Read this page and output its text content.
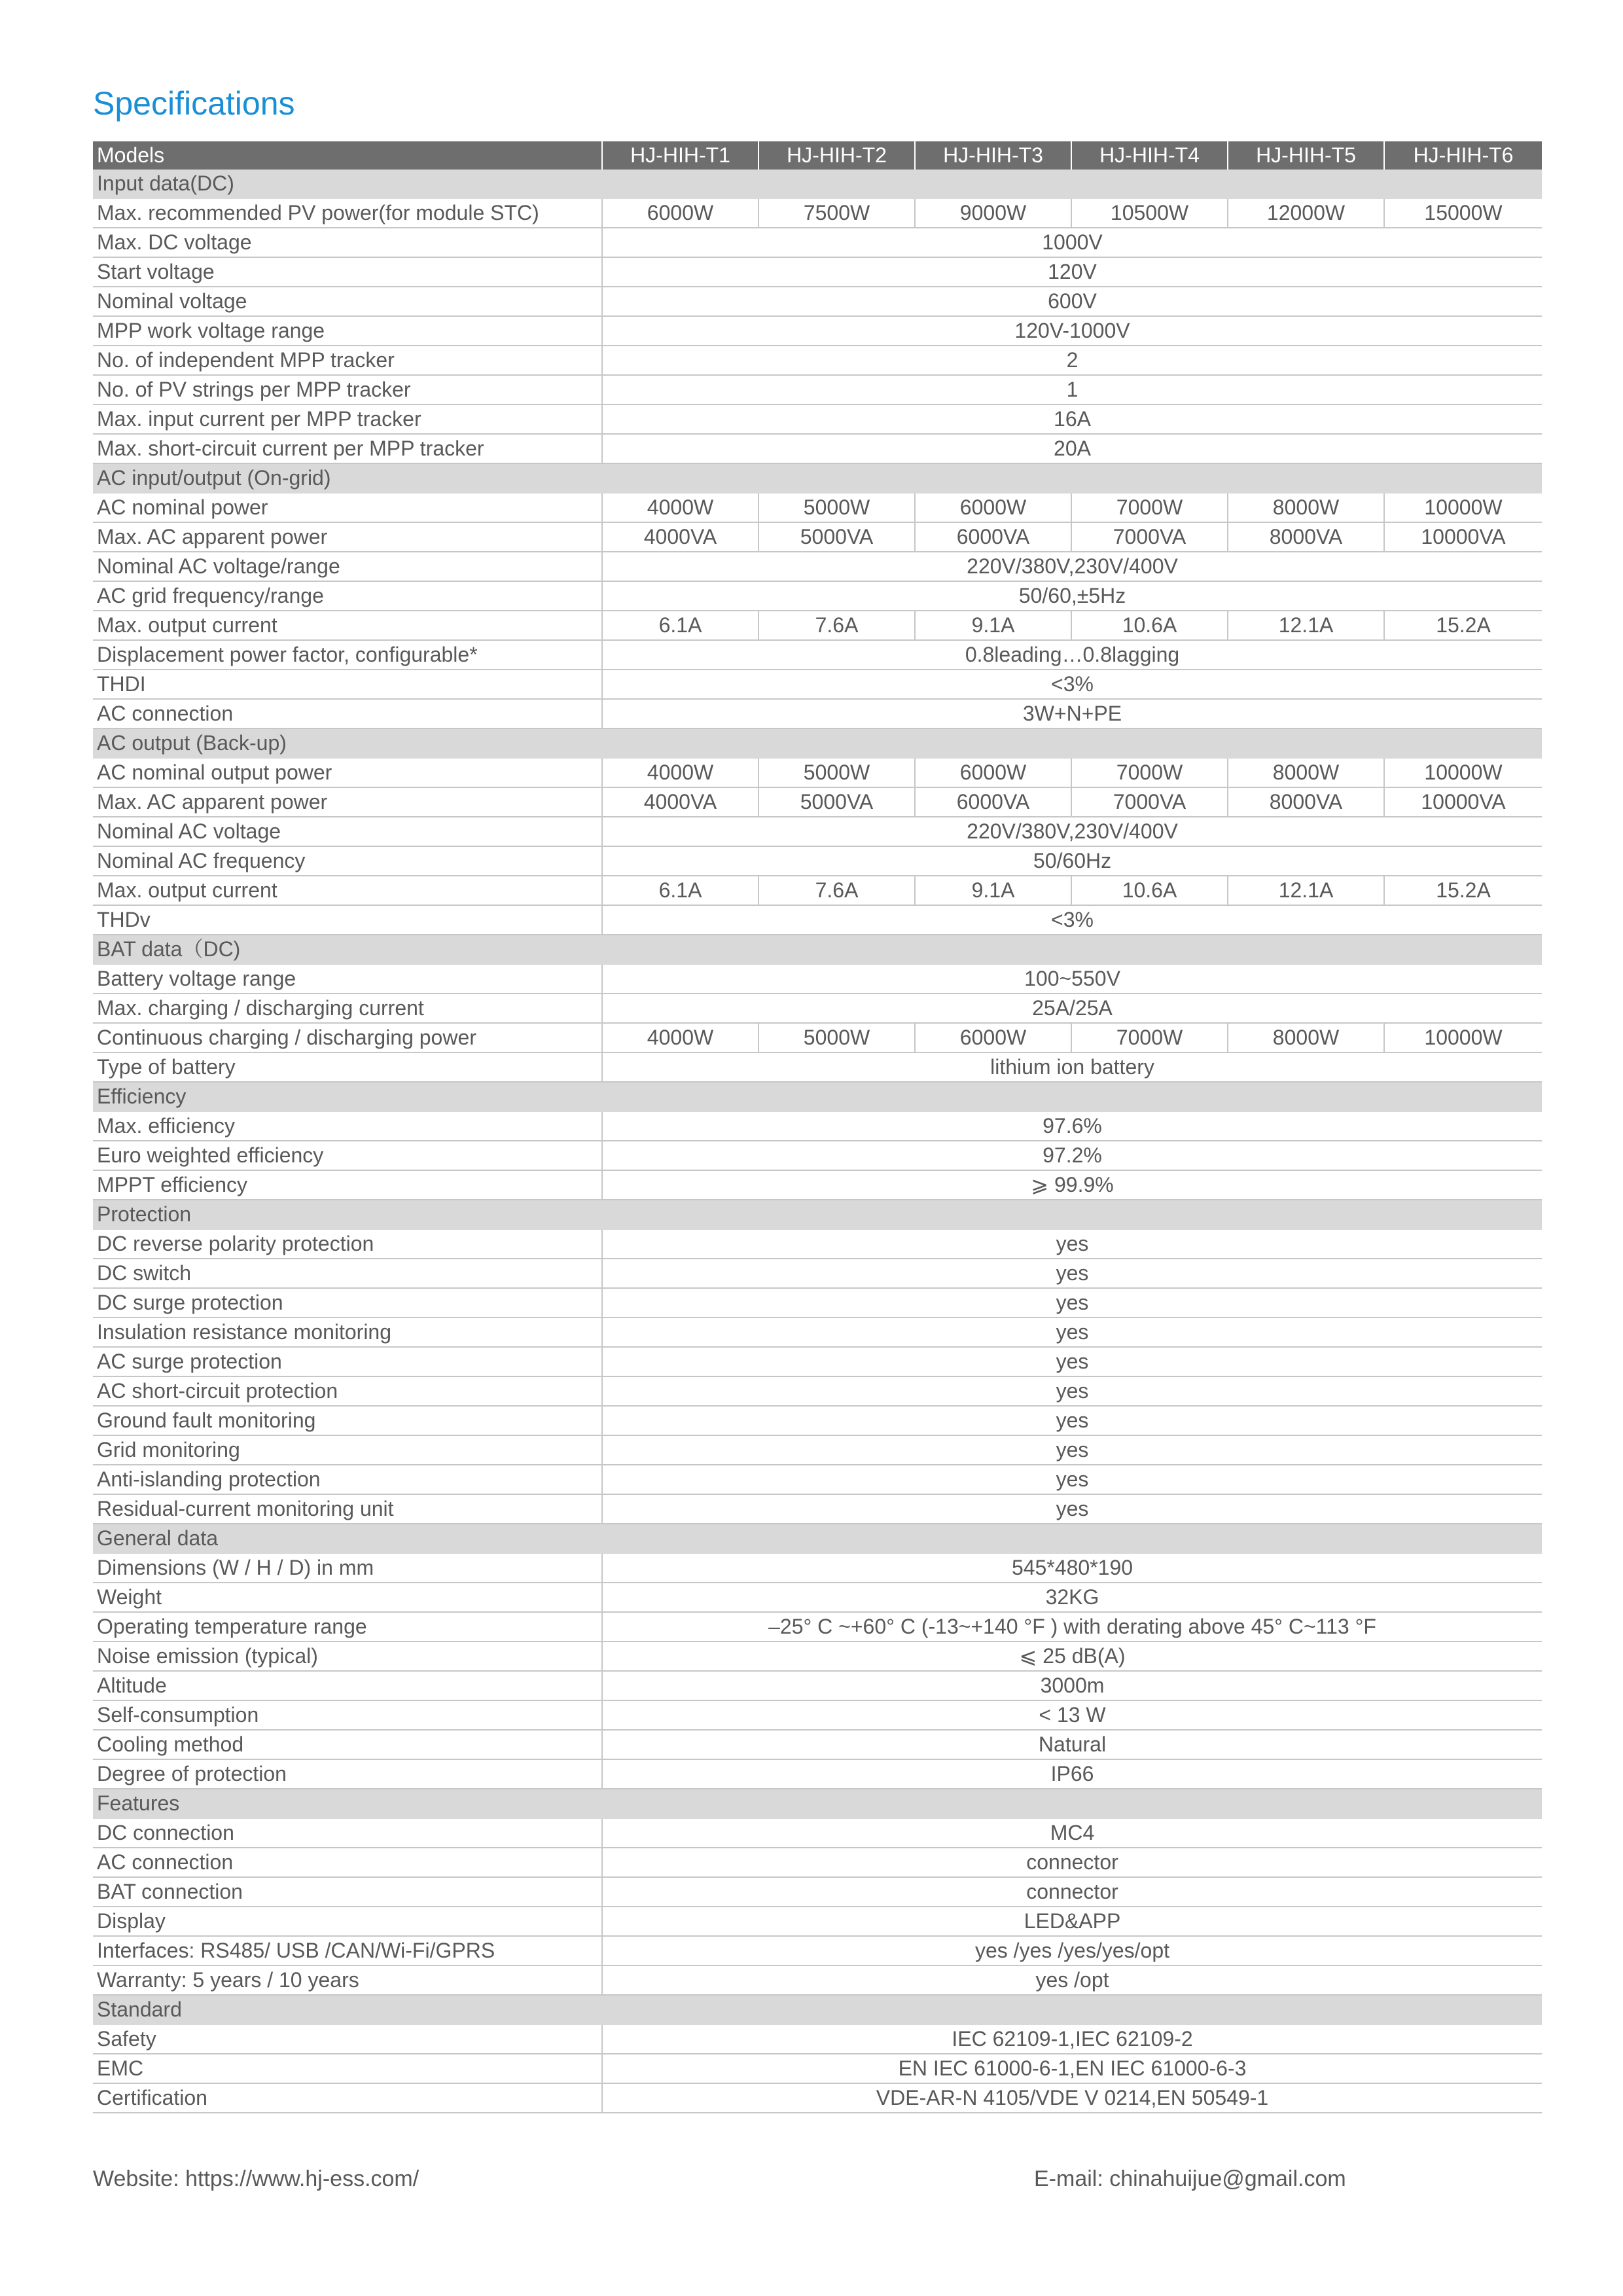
Specifications
Models	HJ-HIH-T1	HJ-HIH-T2	HJ-HIH-T3	HJ-HIH-T4	HJ-HIH-T5	HJ-HIH-T6
Input data(DC)						
Max. recommended PV power(for module STC)	6000W	7500W	9000W	10500W	12000W	15000W
Max. DC voltage	1000V					
Start voltage	120V					
Nominal voltage	600V					
MPP work voltage range	120V-1000V					
No. of independent MPP tracker	2					
No. of PV strings per MPP tracker	1					
Max. input current per MPP tracker	16A					
Max. short-circuit current per MPP tracker	20A					
AC input/output (On-grid)						
AC nominal power	4000W	5000W	6000W	7000W	8000W	10000W
Max. AC apparent power	4000VA	5000VA	6000VA	7000VA	8000VA	10000VA
Nominal AC voltage/range	220V/380V,230V/400V					
AC grid frequency/range	50/60,±5Hz					
Max. output current	6.1A	7.6A	9.1A	10.6A	12.1A	15.2A
Displacement power factor, configurable*	0.8leading…0.8lagging					
THDI	<3%					
AC connection	3W+N+PE					
AC output (Back-up)						
AC nominal output power	4000W	5000W	6000W	7000W	8000W	10000W
Max. AC apparent power	4000VA	5000VA	6000VA	7000VA	8000VA	10000VA
Nominal AC voltage	220V/380V,230V/400V					
Nominal AC frequency	50/60Hz					
Max. output current	6.1A	7.6A	9.1A	10.6A	12.1A	15.2A
THDv	<3%					
BAT data（DC)						
Battery voltage range	100~550V					
Max. charging / discharging current	25A/25A					
Continuous charging / discharging power	4000W	5000W	6000W	7000W	8000W	10000W
Type of battery	lithium ion battery					
Efficiency						
Max. efficiency	97.6%					
Euro weighted efficiency	97.2%					
MPPT efficiency	⩾ 99.9%					
Protection						
DC reverse polarity protection	yes					
DC switch	yes					
DC surge protection	yes					
Insulation resistance monitoring	yes					
AC surge protection	yes					
AC short-circuit protection	yes					
Ground fault monitoring	yes					
Grid monitoring	yes					
Anti-islanding protection	yes					
Residual-current monitoring unit	yes					
General data						
Dimensions (W / H / D) in mm	545*480*190					
Weight	32KG					
Operating temperature range	–25° C ~+60° C (-13~+140 °F ) with derating above 45° C~113 °F					
Noise emission (typical)	⩽ 25 dB(A)					
Altitude	3000m					
Self-consumption	< 13 W					
Cooling method	Natural					
Degree of protection	IP66					
Features						
DC connection	MC4					
AC connection	connector					
BAT connection	connector					
Display	LED&APP					
Interfaces: RS485/ USB /CAN/Wi-Fi/GPRS	yes /yes /yes/yes/opt					
Warranty: 5 years / 10 years	yes /opt					
Standard						
Safety	IEC 62109-1,IEC 62109-2					
EMC	EN IEC 61000-6-1,EN IEC 61000-6-3					
Certification	VDE-AR-N 4105/VDE V 0214,EN 50549-1					

Website: https://www.hj-ess.com/	E-mail: chinahuijue@gmail.com
